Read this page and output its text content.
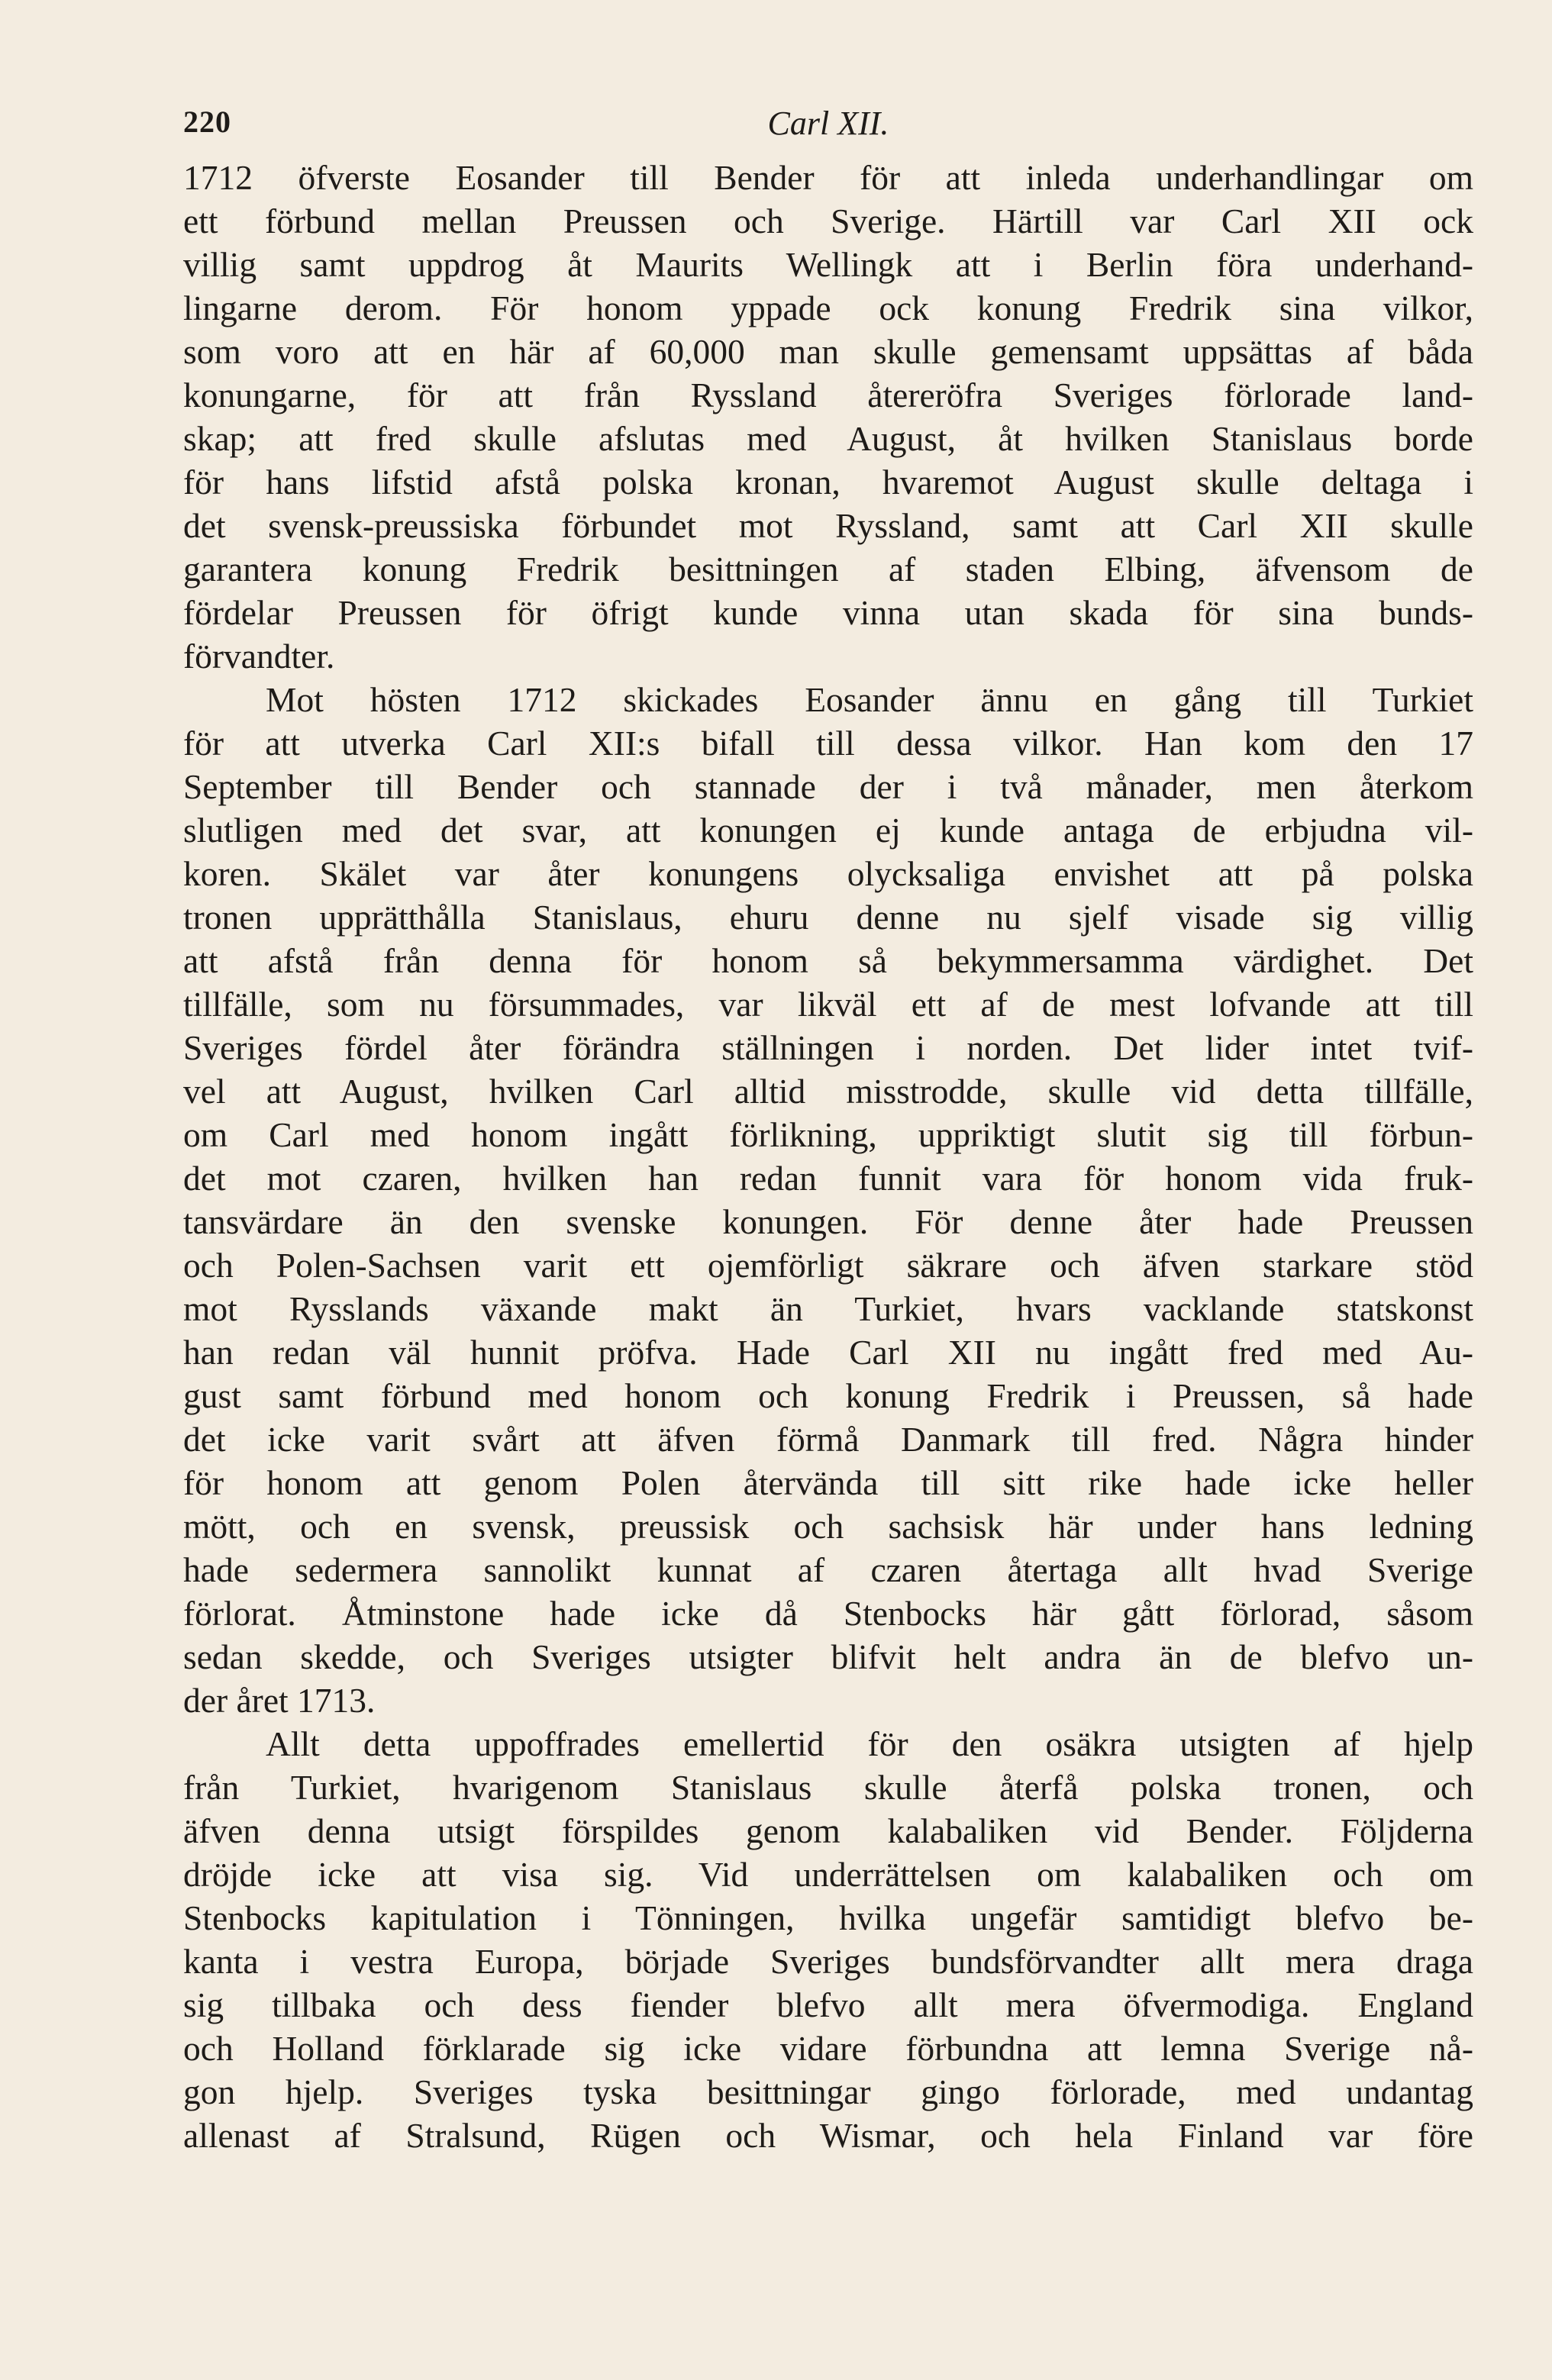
220	Carl XII.
1712 öfverste Eosander till Bender för att inleda underhandlingar om
ett förbund mellan Preussen och Sverige. Härtill var Carl XII ock
villig samt uppdrog åt Maurits Wellingk att i Berlin föra underhand-
lingarne derom. För honom yppade ock konung Fredrik sina vilkor,
som voro att en här af 60,000 man skulle gemensamt uppsättas af båda
konungarne, för att från Ryssland återeröfra Sveriges förlorade land-
skap; att fred skulle afslutas med August, åt hvilken Stanislaus borde
för hans lifstid afstå polska kronan, hvaremot August skulle deltaga i
det svensk-preussiska förbundet mot Ryssland, samt att Carl XII skulle
garantera konung Fredrik besittningen af staden Elbing, äfvensom de
fördelar Preussen för öfrigt kunde vinna utan skada för sina bunds-
förvandter.
Mot hösten 1712 skickades Eosander ännu en gång till Turkiet
för att utverka Carl XII:s bifall till dessa vilkor. Han kom den 17
September till Bender och stannade der i två månader, men återkom
slutligen med det svar, att konungen ej kunde antaga de erbjudna vil-
koren. Skälet var åter konungens olycksaliga envishet att på polska
tronen upprätthålla Stanislaus, ehuru denne nu sjelf visade sig villig
att afstå från denna för honom så bekymmersamma värdighet. Det
tillfälle, som nu försummades, var likväl ett af de mest lofvande att till
Sveriges fördel åter förändra ställningen i norden. Det lider intet tvif-
vel att August, hvilken Carl alltid misstrodde, skulle vid detta tillfälle,
om Carl med honom ingått förlikning, uppriktigt slutit sig till förbun-
det mot czaren, hvilken han redan funnit vara för honom vida fruk-
tansvärdare än den svenske konungen. För denne åter hade Preussen
och Polen-Sachsen varit ett ojemförligt säkrare och äfven starkare stöd
mot Rysslands växande makt än Turkiet, hvars vacklande statskonst
han redan väl hunnit pröfva. Hade Carl XII nu ingått fred med Au-
gust samt förbund med honom och konung Fredrik i Preussen, så hade
det icke varit svårt att äfven förmå Danmark till fred. Några hinder
för honom att genom Polen återvända till sitt rike hade icke heller
mött, och en svensk, preussisk och sachsisk här under hans ledning
hade sedermera sannolikt kunnat af czaren återtaga allt hvad Sverige
förlorat. Åtminstone hade icke då Stenbocks här gått förlorad, såsom
sedan skedde, och Sveriges utsigter blifvit helt andra än de blefvo un-
der året 1713.
Allt detta uppoffrades emellertid för den osäkra utsigten af hjelp
från Turkiet, hvarigenom Stanislaus skulle återfå polska tronen, och
äfven denna utsigt förspildes genom kalabaliken vid Bender. Följderna
dröjde icke att visa sig. Vid underrättelsen om kalabaliken och om
Stenbocks kapitulation i Tönningen, hvilka ungefär samtidigt blefvo be-
kanta i vestra Europa, började Sveriges bundsförvandter allt mera draga
sig tillbaka och dess fiender blefvo allt mera öfvermodiga. England
och Holland förklarade sig icke vidare förbundna att lemna Sverige nå-
gon hjelp. Sveriges tyska besittningar gingo förlorade, med undantag
allenast af Stralsund, Rügen och Wismar, och hela Finland var före
